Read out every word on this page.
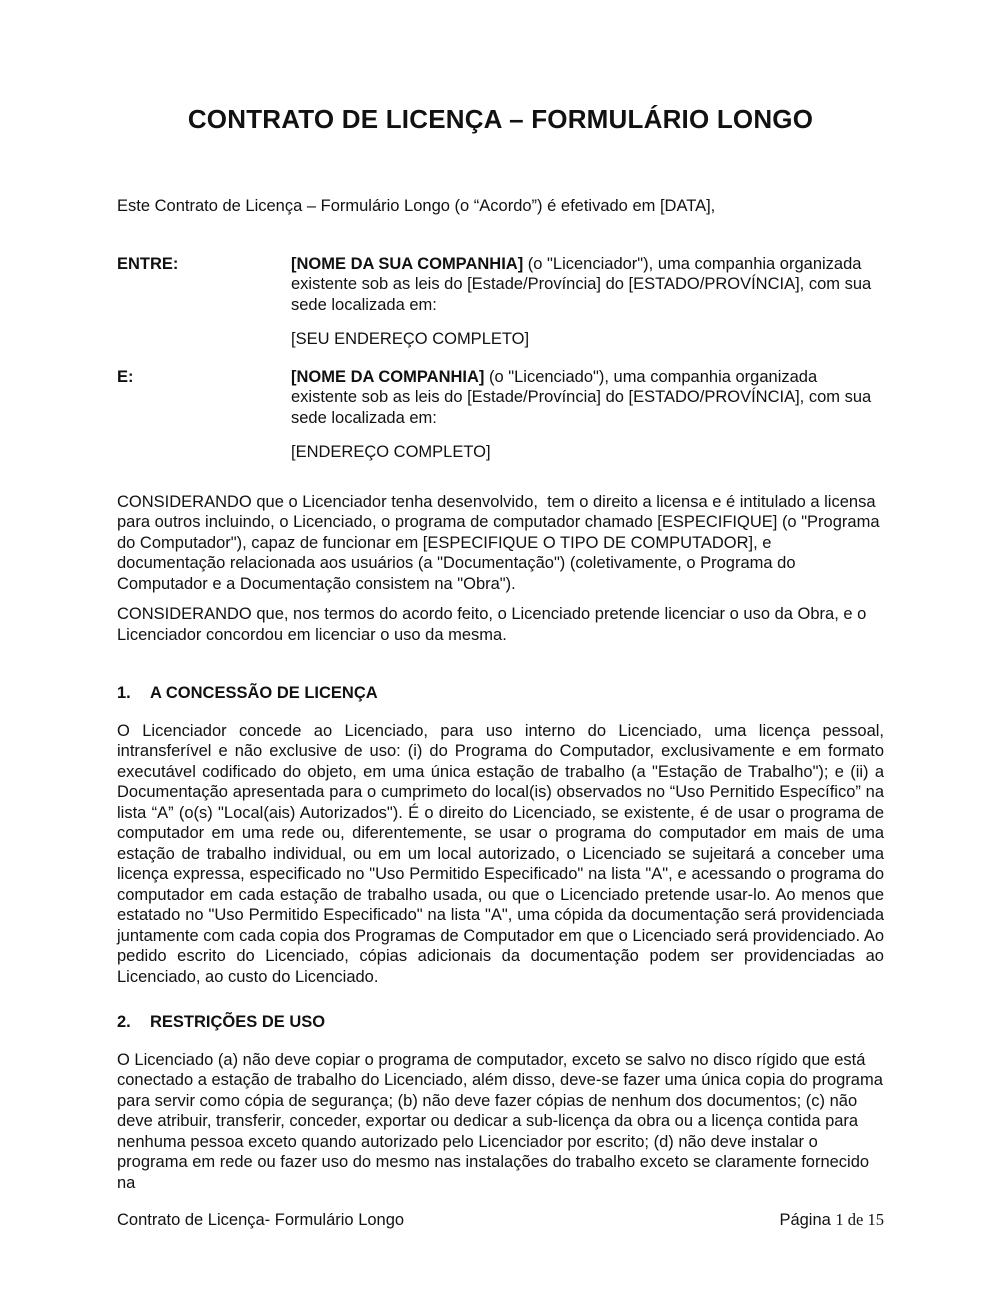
CONTRATO DE LICENÇA – FORMULÁRIO LONGO

Este Contrato de Licença – Formulário Longo (o “Acordo”) é efetivado em [DATA],

ENTRE:	[NOME DA SUA COMPANHIA] (o "Licenciador"), uma companhia organizada existente sob as leis do [Estade/Província] do [ESTADO/PROVÍNCIA], com sua sede localizada em:

[SEU ENDEREÇO COMPLETO]

E:	[NOME DA COMPANHIA] (o "Licenciado"), uma companhia organizada existente sob as leis do [Estade/Província] do [ESTADO/PROVÍNCIA], com sua sede localizada em:

[ENDEREÇO COMPLETO]

CONSIDERANDO que o Licenciador tenha desenvolvido,  tem o direito a licensa e é intitulado a licensa para outros incluindo, o Licenciado, o programa de computador chamado [ESPECIFIQUE] (o "Programa do Computador"), capaz de funcionar em [ESPECIFIQUE O TIPO DE COMPUTADOR], e documentação relacionada aos usuários (a "Documentação") (coletivamente, o Programa do Computador e a Documentação consistem na "Obra").

CONSIDERANDO que, nos termos do acordo feito, o Licenciado pretende licenciar o uso da Obra, e o Licenciador concordou em licenciar o uso da mesma.

1. A CONCESSÃO DE LICENÇA

O Licenciador concede ao Licenciado, para uso interno do Licenciado, uma licença pessoal, intransferível e não exclusive de uso: (i) do Programa do Computador, exclusivamente e em formato executável codificado do objeto, em uma única estação de trabalho (a "Estação de Trabalho"); e (ii) a Documentação apresentada para o cumprimeto do local(is) observados no “Uso Pernitido Específico” na lista “A” (o(s) "Local(ais) Autorizados"). É o direito do Licenciado, se existente, é de usar o programa de computador em uma rede ou, diferentemente, se usar o programa do computador em mais de uma estação de trabalho individual, ou em um local autorizado, o Licenciado se sujeitará a conceber uma licença expressa, especificado no "Uso Permitido Especificado" na lista "A", e acessando o programa do computador em cada estação de trabalho usada, ou que o Licenciado pretende usar-lo. Ao menos que estatado no "Uso Permitido Especificado" na lista "A", uma cópida da documentação será providenciada juntamente com cada copia dos Programas de Computador em que o Licenciado será providenciado. Ao pedido escrito do Licenciado, cópias adicionais da documentação podem ser providenciadas ao Licenciado, ao custo do Licenciado.

2. RESTRIÇÕES DE USO

O Licenciado (a) não deve copiar o programa de computador, exceto se salvo no disco rígido que está conectado a estação de trabalho do Licenciado, além disso, deve-se fazer uma única copia do programa para servir como cópia de segurança; (b) não deve fazer cópias de nenhum dos documentos; (c) não deve atribuir, transferir, conceder, exportar ou dedicar a sub-licença da obra ou a licença contida para nenhuma pessoa exceto quando autorizado pelo Licenciador por escrito; (d) não deve instalar o programa em rede ou fazer uso do mesmo nas instalações do trabalho exceto se claramente fornecido na

Contrato de Licença- Formulário Longo	Página 1 de 15
